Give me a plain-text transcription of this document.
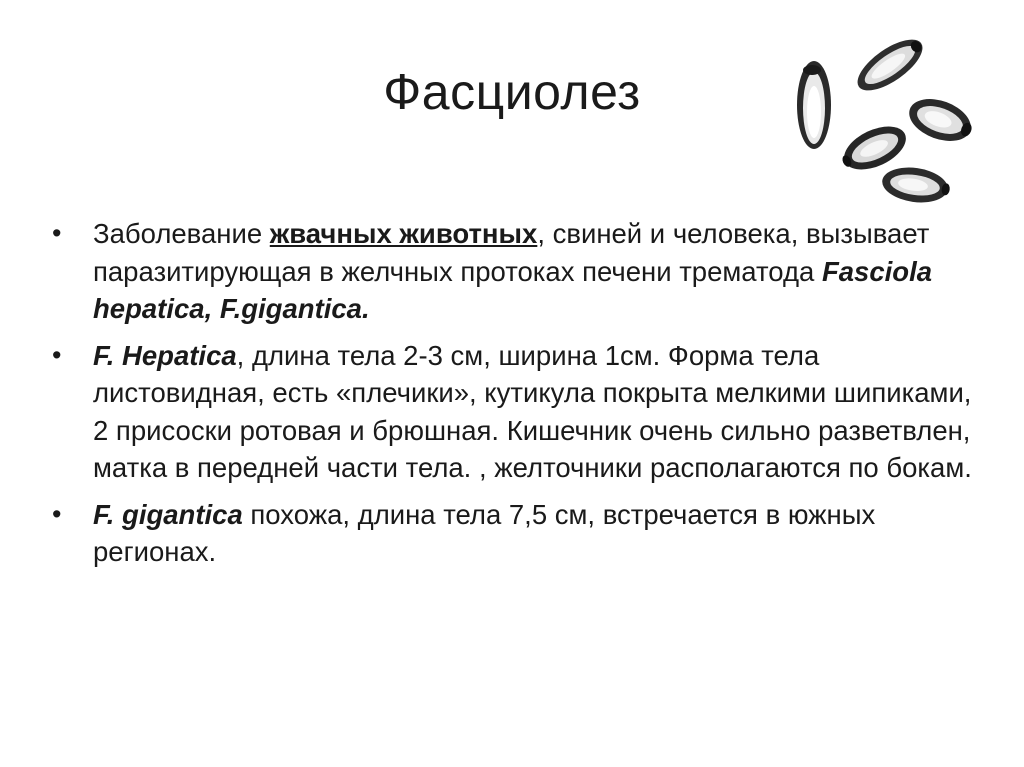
Фасциолез
• Заболевание жвачных животных, свиней и человека, вызывает паразитирующая в желчных протоках печени трематода Fasciola hepatica, F.gigantica.
• F. Hepatica, длина тела 2-3 см, ширина 1см. Форма тела листовидная, есть «плечики», кутикула покрыта мелкими шипиками, 2 присоски ротовая и брюшная. Кишечник очень сильно разветвлен, матка в передней части тела. , желточники располагаются по бокам.
• F. gigantica похожа, длина тела 7,5 см, встречается в южных регионах.
